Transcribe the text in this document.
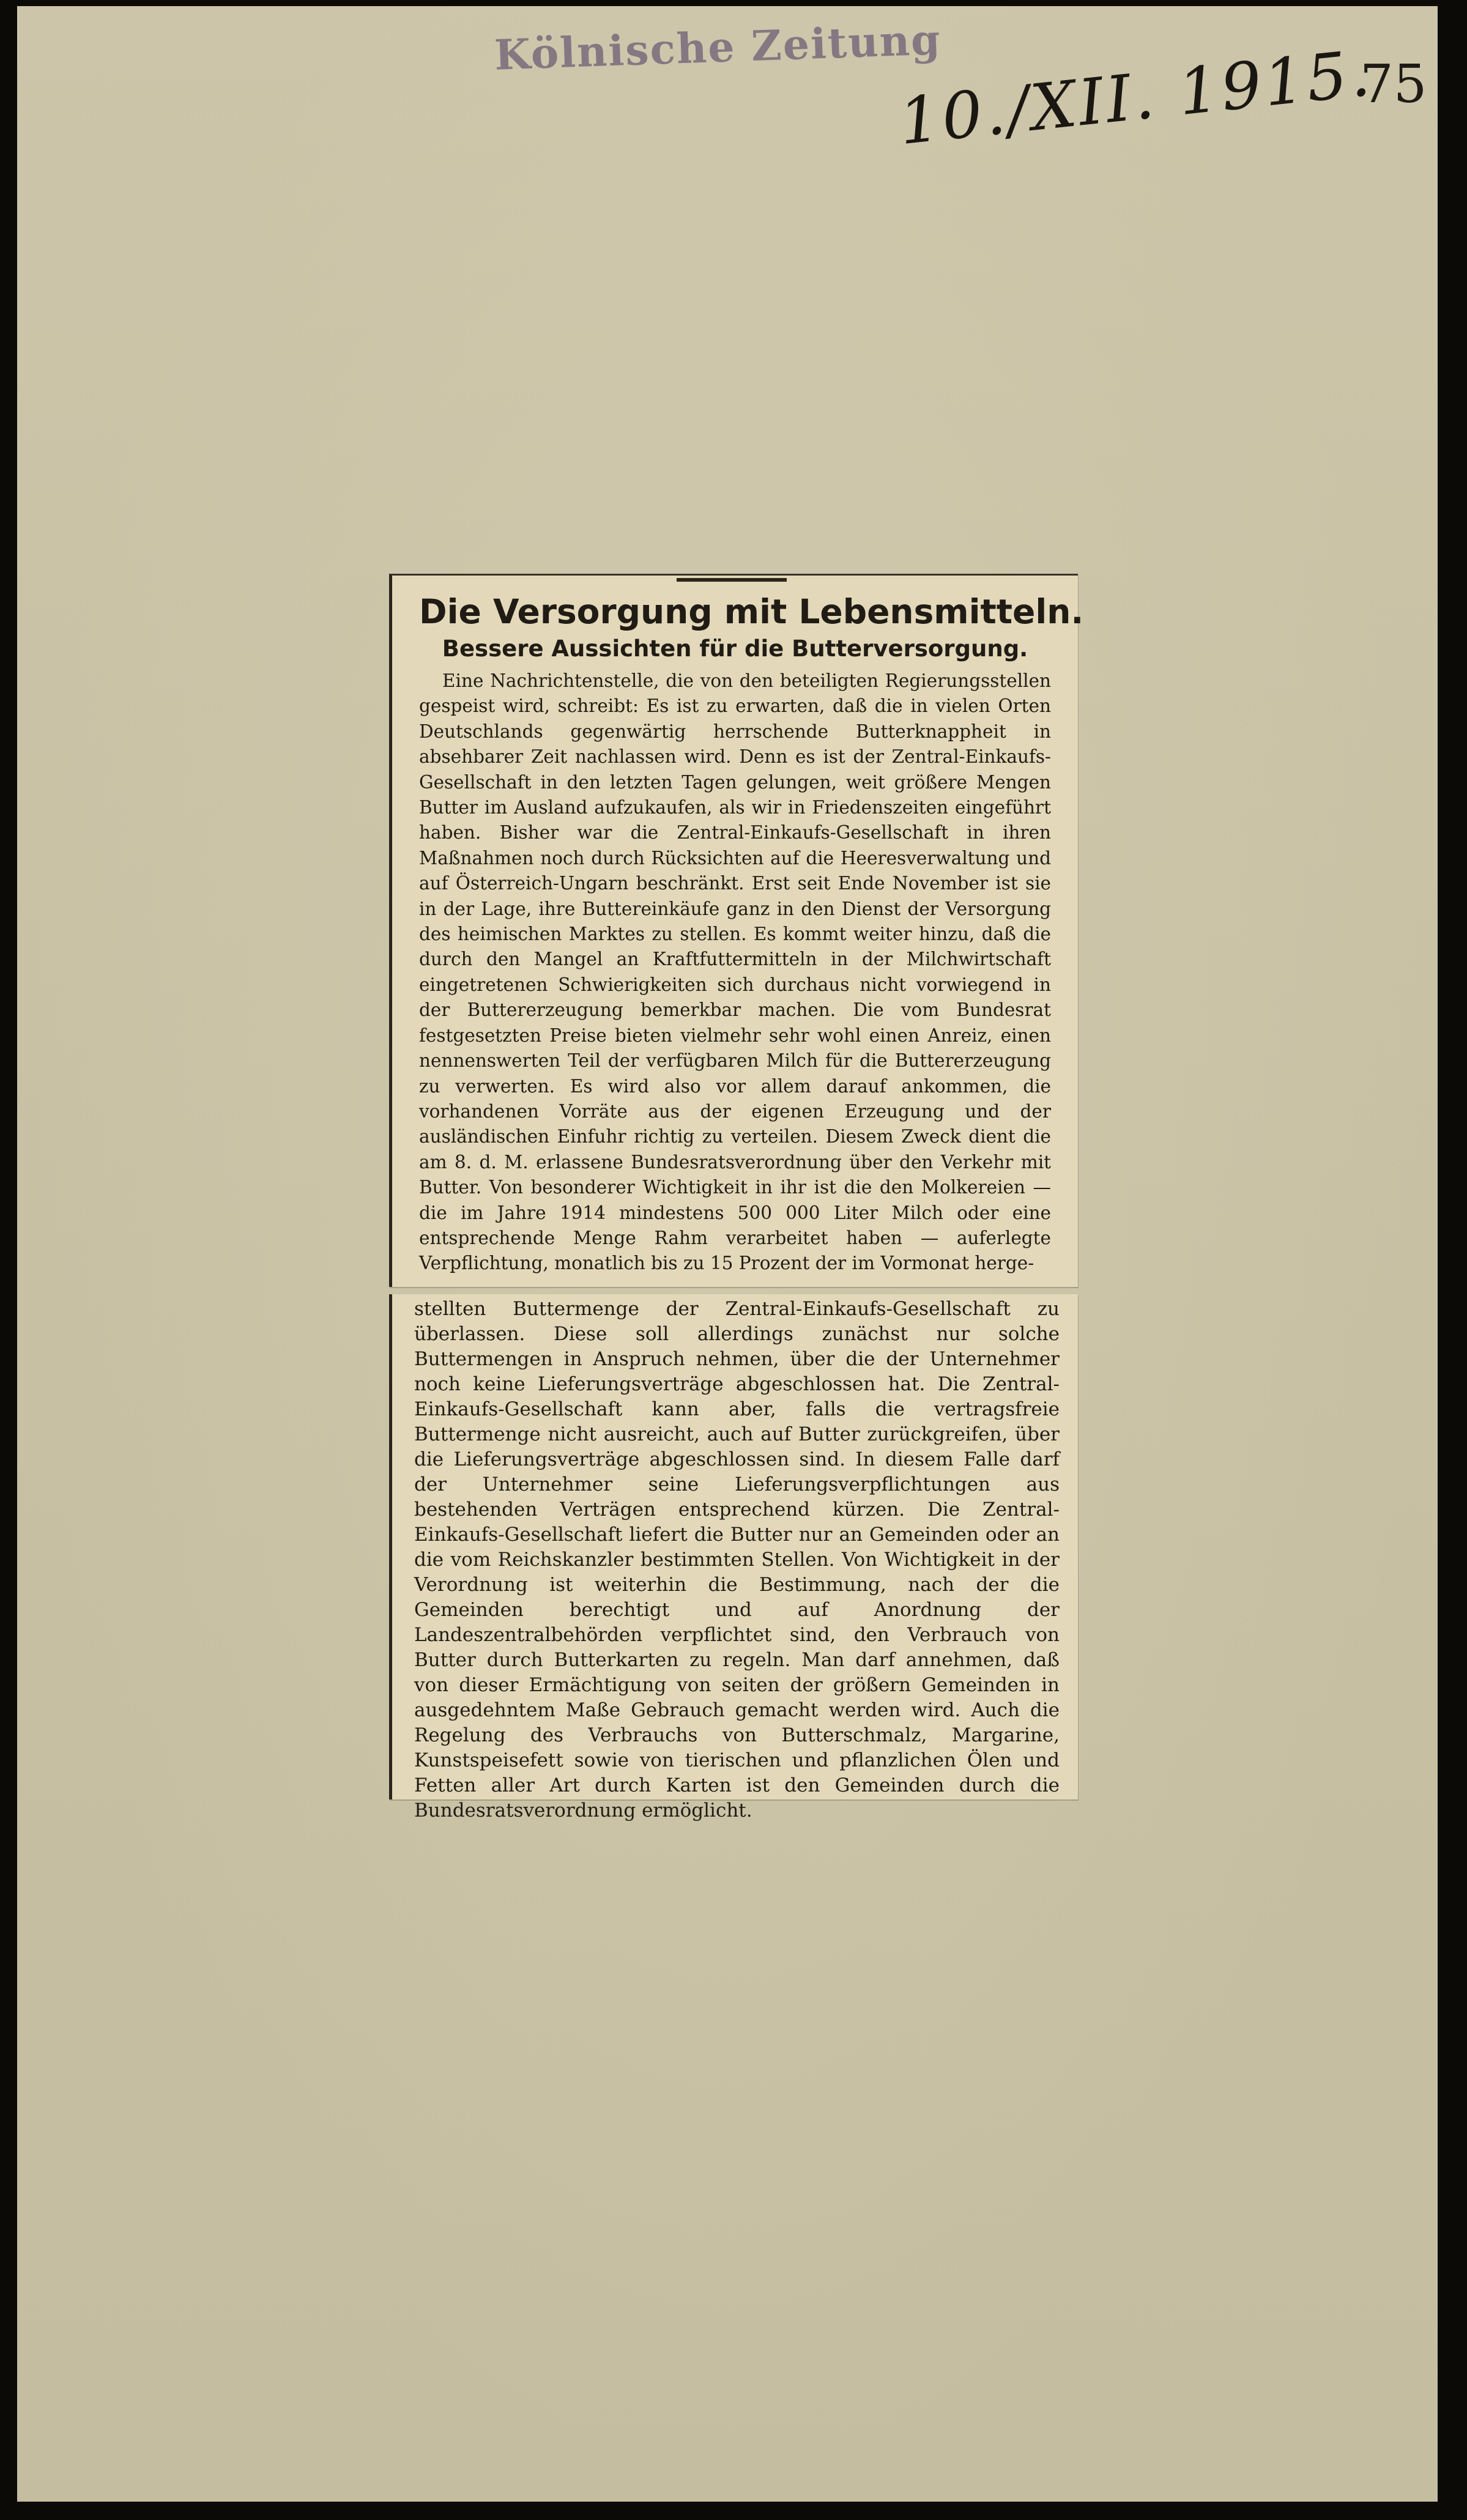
Kölnische Zeitung
10./XII. 1915.
75
Die Versorgung mit Lebensmitteln.
Bessere Aussichten für die Butterversorgung.

Eine Nachrichtenstelle, die von den beteiligten Regierungsstellen gespeist wird, schreibt: Es ist zu erwarten, daß die in vielen Orten Deutschlands gegenwärtig herrschende Butterknappheit in absehbarer Zeit nachlassen wird. Denn es ist der Zentral-Einkaufs-Gesellschaft in den letzten Tagen gelungen, weit größere Mengen Butter im Ausland aufzukaufen, als wir in Friedenszeiten eingeführt haben. Bisher war die Zentral-Einkaufs-Gesellschaft in ihren Maßnahmen noch durch Rücksichten auf die Heeresverwaltung und auf Österreich-Ungarn beschränkt. Erst seit Ende November ist sie in der Lage, ihre Buttereinkäufe ganz in den Dienst der Versorgung des heimischen Marktes zu stellen. Es kommt weiter hinzu, daß die durch den Mangel an Kraftfuttermitteln in der Milchwirtschaft eingetretenen Schwierigkeiten sich durchaus nicht vorwiegend in der Buttererzeugung bemerkbar machen. Die vom Bundesrat festgesetzten Preise bieten vielmehr sehr wohl einen Anreiz, einen nennenswerten Teil der verfügbaren Milch für die Buttererzeugung zu verwerten. Es wird also vor allem darauf ankommen, die vorhandenen Vorräte aus der eigenen Erzeugung und der ausländischen Einfuhr richtig zu verteilen. Diesem Zweck dient die am 8. d. M. erlassene Bundesratsverordnung über den Verkehr mit Butter. Von besonderer Wichtigkeit in ihr ist die den Molkereien — die im Jahre 1914 mindestens 500 000 Liter Milch oder eine entsprechende Menge Rahm verarbeitet haben — auferlegte Verpflichtung, monatlich bis zu 15 Prozent der im Vormonat herge-

stellten Buttermenge der Zentral-Einkaufs-Gesellschaft zu überlassen. Diese soll allerdings zunächst nur solche Buttermengen in Anspruch nehmen, über die der Unternehmer noch keine Lieferungsverträge abgeschlossen hat. Die Zentral-Einkaufs-Gesellschaft kann aber, falls die vertragsfreie Buttermenge nicht ausreicht, auch auf Butter zurückgreifen, über die Lieferungsverträge abgeschlossen sind. In diesem Falle darf der Unternehmer seine Lieferungsverpflichtungen aus bestehenden Verträgen entsprechend kürzen. Die Zentral-Einkaufs-Gesellschaft liefert die Butter nur an Gemeinden oder an die vom Reichskanzler bestimmten Stellen. Von Wichtigkeit in der Verordnung ist weiterhin die Bestimmung, nach der die Gemeinden berechtigt und auf Anordnung der Landeszentralbehörden verpflichtet sind, den Verbrauch von Butter durch Butterkarten zu regeln. Man darf annehmen, daß von dieser Ermächtigung von seiten der größern Gemeinden in ausgedehntem Maße Gebrauch gemacht werden wird. Auch die Regelung des Verbrauchs von Butterschmalz, Margarine, Kunstspeisefett sowie von tierischen und pflanzlichen Ölen und Fetten aller Art durch Karten ist den Gemeinden durch die Bundesratsverordnung ermöglicht.
